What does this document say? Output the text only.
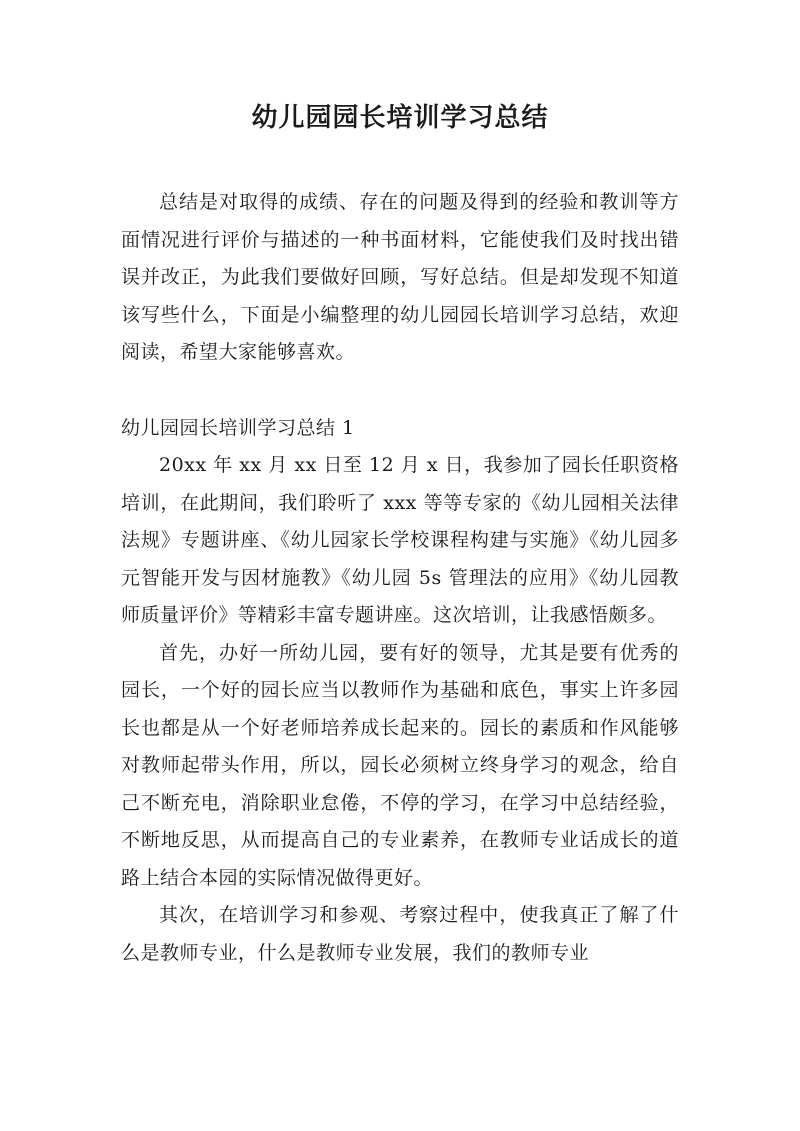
幼儿园园长培训学习总结

总结是对取得的成绩、存在的问题及得到的经验和教训等方面情况进行评价与描述的一种书面材料，它能使我们及时找出错误并改正，为此我们要做好回顾，写好总结。但是却发现不知道该写些什么，下面是小编整理的幼儿园园长培训学习总结，欢迎阅读，希望大家能够喜欢。

幼儿园园长培训学习总结 1

20xx 年 xx 月 xx 日至 12 月 x 日，我参加了园长任职资格培训，在此期间，我们聆听了 xxx 等等专家的《幼儿园相关法律法规》专题讲座、《幼儿园家长学校课程构建与实施》《幼儿园多元智能开发与因材施教》《幼儿园 5s 管理法的应用》《幼儿园教师质量评价》等精彩丰富专题讲座。这次培训，让我感悟颇多。

首先，办好一所幼儿园，要有好的领导，尤其是要有优秀的园长，一个好的园长应当以教师作为基础和底色，事实上许多园长也都是从一个好老师培养成长起来的。园长的素质和作风能够对教师起带头作用，所以，园长必须树立终身学习的观念，给自己不断充电，消除职业怠倦，不停的学习，在学习中总结经验，不断地反思，从而提高自己的专业素养，在教师专业话成长的道路上结合本园的实际情况做得更好。

其次，在培训学习和参观、考察过程中，使我真正了解了什么是教师专业，什么是教师专业发展，我们的教师专业
